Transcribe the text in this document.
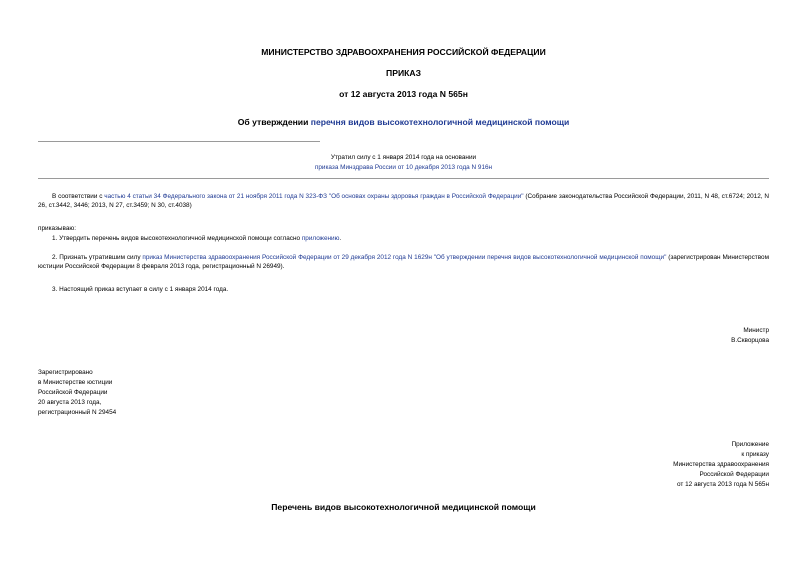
МИНИСТЕРСТВО ЗДРАВООХРАНЕНИЯ РОССИЙСКОЙ ФЕДЕРАЦИИ
ПРИКАЗ
от 12 августа 2013 года N 565н
Об утверждении перечня видов высокотехнологичной медицинской помощи
Утратил силу с 1 января 2014 года на основании
приказа Минздрава России от 10 декабря 2013 года N 916н
В соответствии с частью 4 статьи 34 Федерального закона от 21 ноября 2011 года N 323-ФЗ "Об основах охраны здоровья граждан в Российской Федерации" (Собрание законодательства Российской Федерации, 2011, N 48, ст.6724; 2012, N 26, ст.3442, 3446; 2013, N 27, ст.3459; N 30, ст.4038)
приказываю:
1. Утвердить перечень видов высокотехнологичной медицинской помощи согласно приложению.
2. Признать утратившим силу приказ Министерства здравоохранения Российской Федерации от 29 декабря 2012 года N 1629н "Об утверждении перечня видов высокотехнологичной медицинской помощи" (зарегистрирован Министерством юстиции Российской Федерации 8 февраля 2013 года, регистрационный N 26949).
3. Настоящий приказ вступает в силу с 1 января 2014 года.
Министр
В.Скворцова
Зарегистрировано
в Министерстве юстиции
Российской Федерации
20 августа 2013 года,
регистрационный N 29454
Приложение
к приказу
Министерства здравоохранения
Российской Федерации
от 12 августа 2013 года N 565н
Перечень видов высокотехнологичной медицинской помощи
